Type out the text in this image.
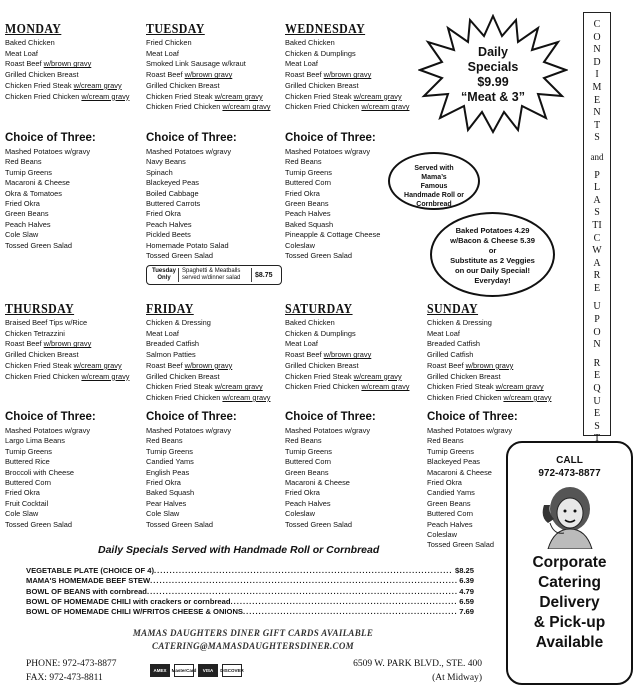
MONDAY
Baked Chicken
Meat Loaf
Roast Beef w/brown gravy
Grilled Chicken Breast
Chicken Fried Steak w/cream gravy
Chicken Fried Chicken w/cream gravy
Choice of Three:
Mashed Potatoes w/gravy
Red Beans
Turnip Greens
Macaroni & Cheese
Okra & Tomatoes
Fried Okra
Green Beans
Peach Halves
Cole Slaw
Tossed Green Salad
TUESDAY
Fried Chicken
Meat Loaf
Smoked Link Sausage w/kraut
Roast Beef w/brown gravy
Grilled Chicken Breast
Chicken Fried Steak w/cream gravy
Chicken Fried Chicken w/cream gravy
Choice of Three:
Mashed Potatoes w/gravy
Navy Beans
Spinach
Blackeyed Peas
Boiled Cabbage
Buttered Carrots
Fried Okra
Peach Halves
Pickled Beets
Homemade Potato Salad
Tossed Green Salad
WEDNESDAY
Baked Chicken
Chicken & Dumplings
Meat Loaf
Roast Beef w/brown gravy
Grilled Chicken Breast
Chicken Fried Steak w/cream gravy
Chicken Fried Chicken w/cream gravy
Choice of Three:
Mashed Potatoes w/gravy
Red Beans
Turnip Greens
Buttered Corn
Fried Okra
Green Beans
Peach Halves
Baked Squash
Pineapple & Cottage Cheese
Coleslaw
Tossed Green Salad
THURSDAY
Braised Beef Tips w/Rice
Chicken Tetrazzini
Roast Beef w/brown gravy
Grilled Chicken Breast
Chicken Fried Steak w/cream gravy
Chicken Fried Chicken w/cream gravy
Choice of Three:
Mashed Potatoes w/gravy
Largo Lima Beans
Turnip Greens
Buttered Rice
Broccoli with Cheese
Buttered Corn
Fried Okra
Fruit Cocktail
Cole Slaw
Tossed Green Salad
FRIDAY
Chicken & Dressing
Meat Loaf
Breaded Catfish
Salmon Patties
Roast Beef w/brown gravy
Grilled Chicken Breast
Chicken Fried Steak w/cream gravy
Chicken Fried Chicken w/cream gravy
Choice of Three:
Mashed Potatoes w/gravy
Red Beans
Turnip Greens
Candied Yams
English Peas
Fried Okra
Baked Squash
Pear Halves
Cole Slaw
Tossed Green Salad
SATURDAY
Baked Chicken
Chicken & Dumplings
Meat Loaf
Roast Beef w/brown gravy
Grilled Chicken Breast
Chicken Fried Steak w/cream gravy
Chicken Fried Chicken w/cream gravy
Choice of Three:
Mashed Potatoes w/gravy
Red Beans
Turnip Greens
Buttered Corn
Green Beans
Macaroni & Cheese
Fried Okra
Peach Halves
Coleslaw
Tossed Green Salad
SUNDAY
Chicken & Dressing
Meat Loaf
Breaded Catfish
Grilled Catfish
Roast Beef w/brown gravy
Grilled Chicken Breast
Chicken Fried Steak w/cream gravy
Chicken Fried Chicken w/cream gravy
Choice of Three:
Mashed Potatoes w/gravy
Red Beans
Turnip Greens
Blackeyed Peas
Macaroni & Cheese
Fried Okra
Candied Yams
Green Beans
Buttered Corn
Peach Halves
Coleslaw
Tossed Green Salad
Tuesday Only
Spaghetti & Meatballs served w/dinner salad	$8.75
Daily
Specials
$9.99
“Meat & 3”
Served with
Mama’s
Famous
Handmade Roll or
Cornbread
Baked Potatoes 4.29
w/Bacon & Cheese 5.39
or
Substitute as 2 Veggies
on our Daily Special!
Everyday!
CONDIMENTS
and
PLASTICWARE
UPON
REQUEST
CALL
972-473-8877
Corporate
Catering
Delivery
& Pick-up
Available
Daily Specials Served with Handmade Roll or Cornbread
VEGETABLE PLATE (CHOICE OF 4) .....	$8.25
MAMA'S HOMEMADE BEEF STEW .....	6.39
BOWL OF BEANS with cornbread .....	4.79
BOWL OF HOMEMADE CHILI with crackers or cornbread .....	6.59
BOWL OF HOMEMADE CHILI W/FRITOS CHEESE & ONIONS .....	7.69
MAMAS DAUGHTERS DINER GIFT CARDS AVAILABLE
CATERING@MAMASDAUGHTERSDINER.COM
PHONE: 972-473-8877
FAX: 972-473-8811
AMEX	MasterCard	VISA	DISCOVER
6509 W. PARK BLVD., STE. 400
(At Midway)
